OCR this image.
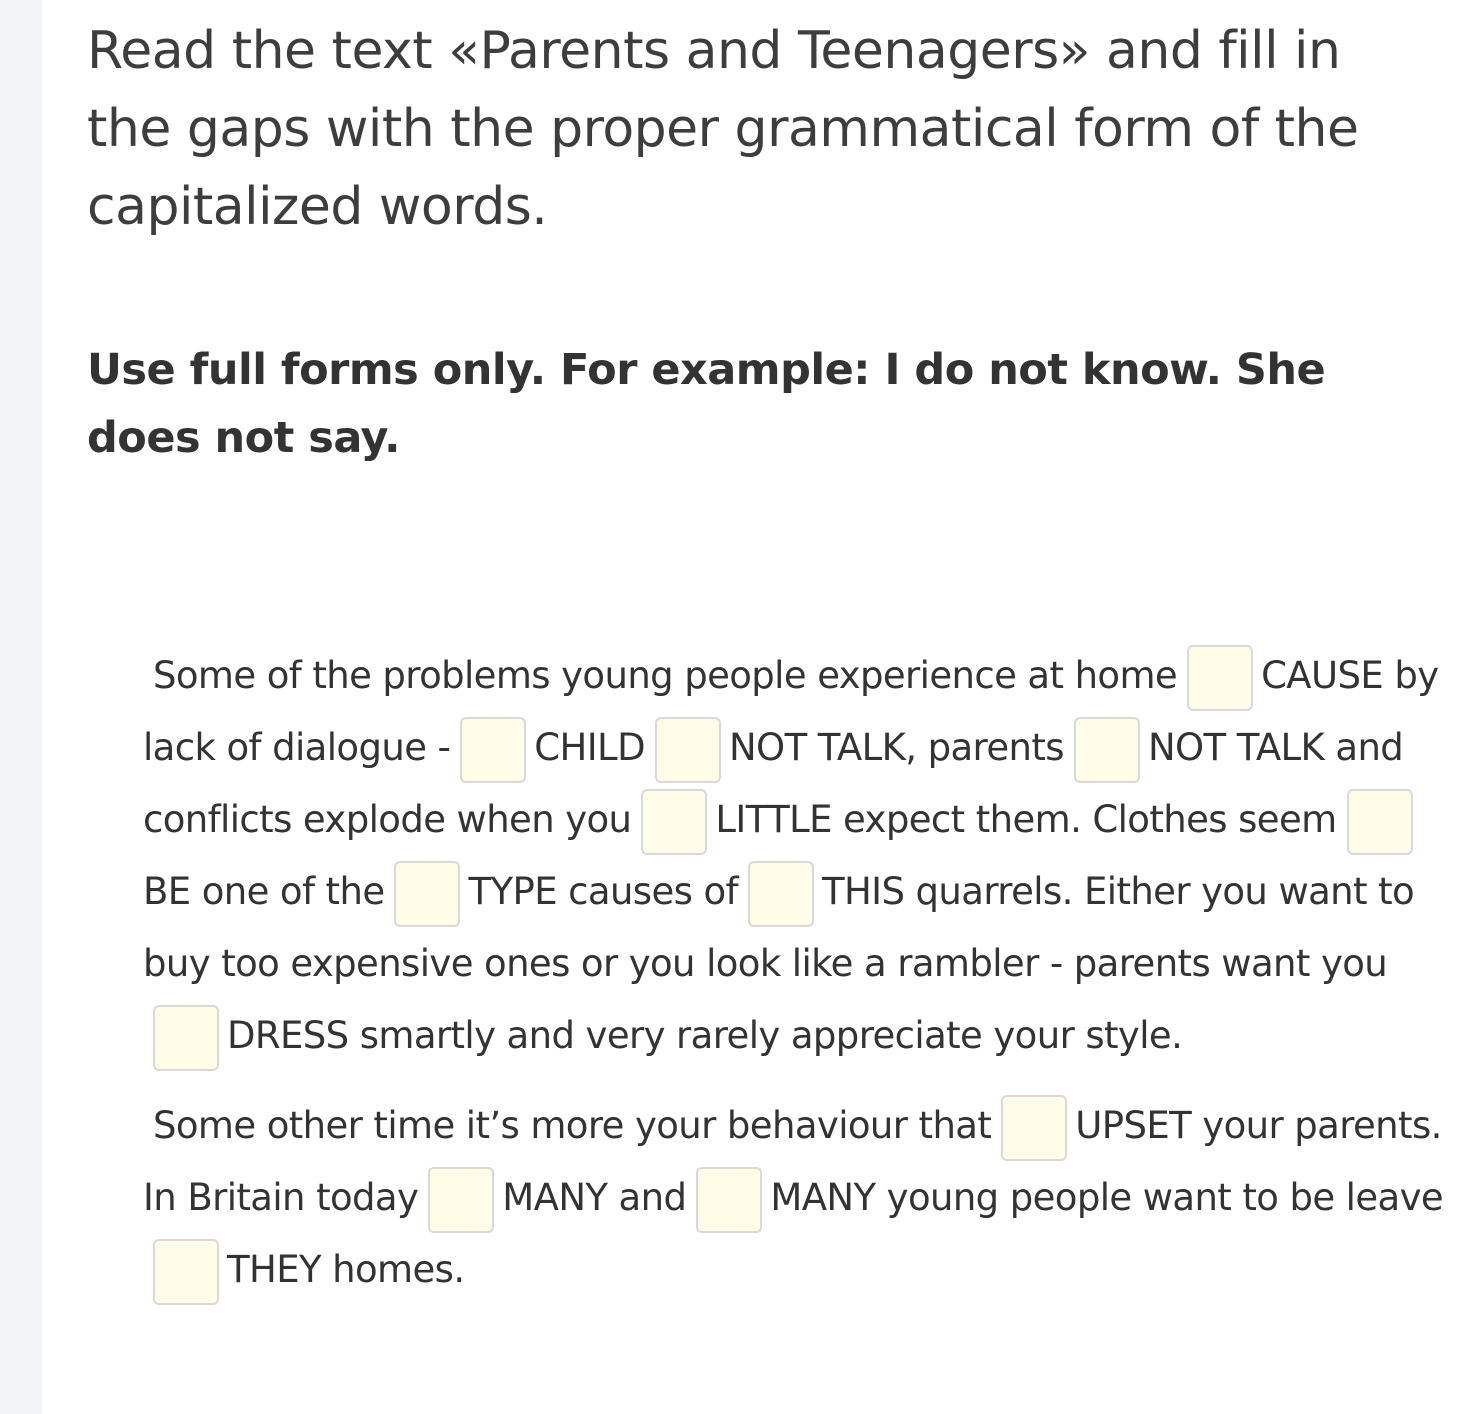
Read the text «Parents and Teenagers» and fill in the gaps with the proper grammatical form of the capitalized words.

Use full forms only. For example: I do not know. She does not say.

Some of the problems young people experience at home CAUSE by lack of dialogue - CHILD NOT TALK, parents NOT TALK and conflicts explode when you LITTLE expect them. Clothes seemBE one of the TYPE causes of THIS quarrels. Either you want to buy too expensive ones or you look like a rambler - parents want youDRESS smartly and very rarely appreciate your style.

Some other time it’s more your behaviour that UPSET your parents. In Britain today MANY and MANY young people want to be leaveTHEY homes.
